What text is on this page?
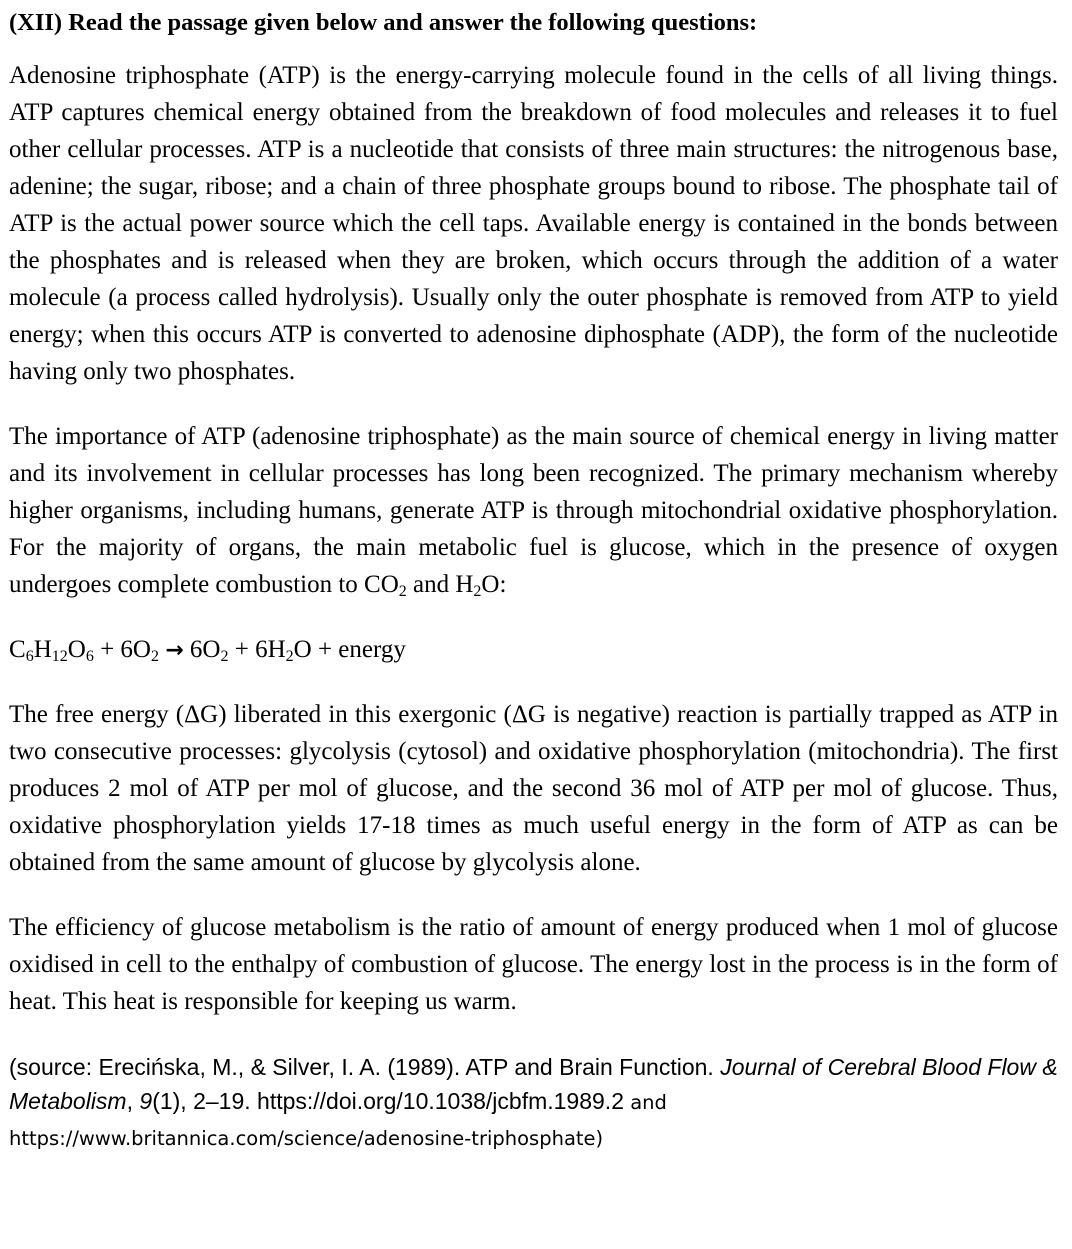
(XII) Read the passage given below and answer the following questions:

Adenosine triphosphate (ATP) is the energy-carrying molecule found in the cells of all living things. ATP captures chemical energy obtained from the breakdown of food molecules and releases it to fuel other cellular processes. ATP is a nucleotide that consists of three main structures: the nitrogenous base, adenine; the sugar, ribose; and a chain of three phosphate groups bound to ribose. The phosphate tail of ATP is the actual power source which the cell taps. Available energy is contained in the bonds between the phosphates and is released when they are broken, which occurs through the addition of a water molecule (a process called hydrolysis). Usually only the outer phosphate is removed from ATP to yield energy; when this occurs ATP is converted to adenosine diphosphate (ADP), the form of the nucleotide having only two phosphates.

The importance of ATP (adenosine triphosphate) as the main source of chemical energy in living matter and its involvement in cellular processes has long been recognized. The primary mechanism whereby higher organisms, including humans, generate ATP is through mitochondrial oxidative phosphorylation. For the majority of organs, the main metabolic fuel is glucose, which in the presence of oxygen undergoes complete combustion to $CO_2$ and $H_2O$:

$C_6H_{12}O_6 + 6O_2 \to 6O_2 + 6H_2O$ + energy

The free energy (ΔG) liberated in this exergonic (ΔG is negative) reaction is partially trapped as ATP in two consecutive processes: glycolysis (cytosol) and oxidative phosphorylation (mitochondria). The first produces 2 mol of ATP per mol of glucose, and the second 36 mol of ATP per mol of glucose. Thus, oxidative phosphorylation yields 17-18 times as much useful energy in the form of ATP as can be obtained from the same amount of glucose by glycolysis alone.

The efficiency of glucose metabolism is the ratio of amount of energy produced when 1 mol of glucose oxidised in cell to the enthalpy of combustion of glucose. The energy lost in the process is in the form of heat. This heat is responsible for keeping us warm.

(source: Erecińska, M., & Silver, I. A. (1989). ATP and Brain Function. Journal of Cerebral Blood Flow & Metabolism, 9(1), 2–19. https://doi.org/10.1038/jcbfm.1989.2 and
https://www.britannica.com/science/adenosine-triphosphate)
